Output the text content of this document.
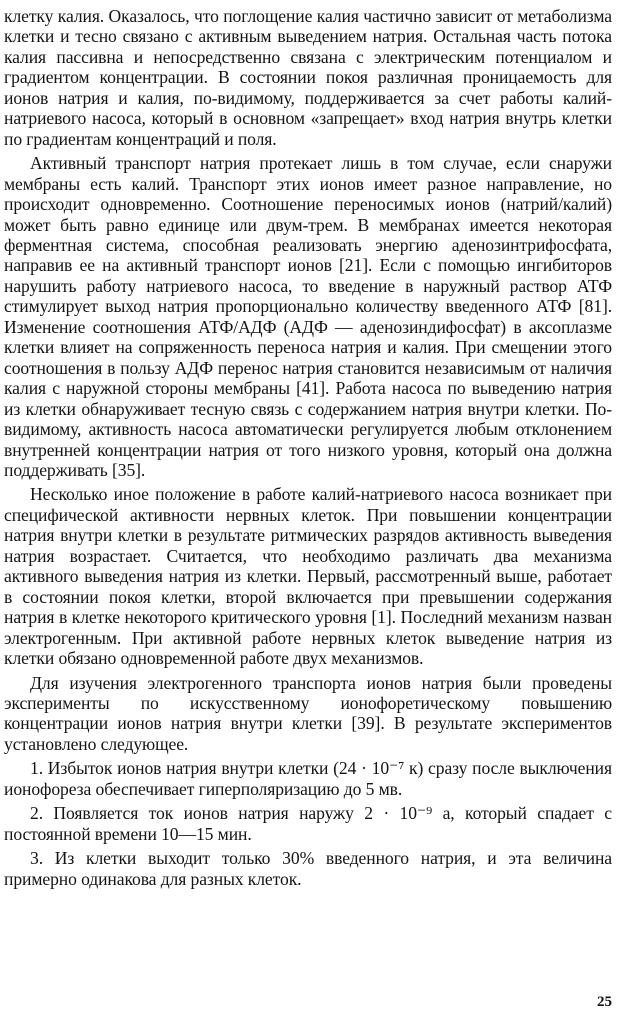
клетку калия. Оказалось, что поглощение калия частично зависит от метаболизма клетки и тесно связано с активным выведением натрия. Остальная часть потока калия пассивна и непосредственно связана с электрическим потенциалом и градиентом концентрации. В состоянии покоя различная проницаемость для ионов натрия и калия, по-видимому, поддерживается за счет работы калий-натриевого насоса, который в основном «запрещает» вход натрия внутрь клетки по градиентам концентраций и поля.

Активный транспорт натрия протекает лишь в том случае, если снаружи мембраны есть калий. Транспорт этих ионов имеет разное направление, но происходит одновременно. Соотношение переносимых ионов (натрий/калий) может быть равно единице или двум-трем. В мембранах имеется некоторая ферментная система, способная реализовать энергию аденозинтрифосфата, направив ее на активный транспорт ионов [21]. Если с помощью ингибиторов нарушить работу натриевого насоса, то введение в наружный раствор АТФ стимулирует выход натрия пропорционально количеству введенного АТФ [81]. Изменение соотношения АТФ/АДФ (АДФ — аденозиндифосфат) в аксоплазме клетки влияет на сопряженность переноса натрия и калия. При смещении этого соотношения в пользу АДФ перенос натрия становится независимым от наличия калия с наружной стороны мембраны [41]. Работа насоса по выведению натрия из клетки обнаруживает тесную связь с содержанием натрия внутри клетки. По-видимому, активность насоса автоматически регулируется любым отклонением внутренней концентрации натрия от того низкого уровня, который она должна поддерживать [35].

Несколько иное положение в работе калий-натриевого насоса возникает при специфической активности нервных клеток. При повышении концентрации натрия внутри клетки в результате ритмических разрядов активность выведения натрия возрастает. Считается, что необходимо различать два механизма активного выведения натрия из клетки. Первый, рассмотренный выше, работает в состоянии покоя клетки, второй включается при превышении содержания натрия в клетке некоторого критического уровня [1]. Последний механизм назван электрогенным. При активной работе нервных клеток выведение натрия из клетки обязано одновременной работе двух механизмов.

Для изучения электрогенного транспорта ионов натрия были проведены эксперименты по искусственному ионофоретическому повышению концентрации ионов натрия внутри клетки [39]. В результате экспериментов установлено следующее.

1. Избыток ионов натрия внутри клетки (24 · 10⁻⁷ к) сразу после выключения ионофореза обеспечивает гиперполяризацию до 5 мв.

2. Появляется ток ионов натрия наружу 2 · 10⁻⁹ а, который спадает с постоянной времени 10—15 мин.

3. Из клетки выходит только 30% введенного натрия, и эта величина примерно одинакова для разных клеток.

25
